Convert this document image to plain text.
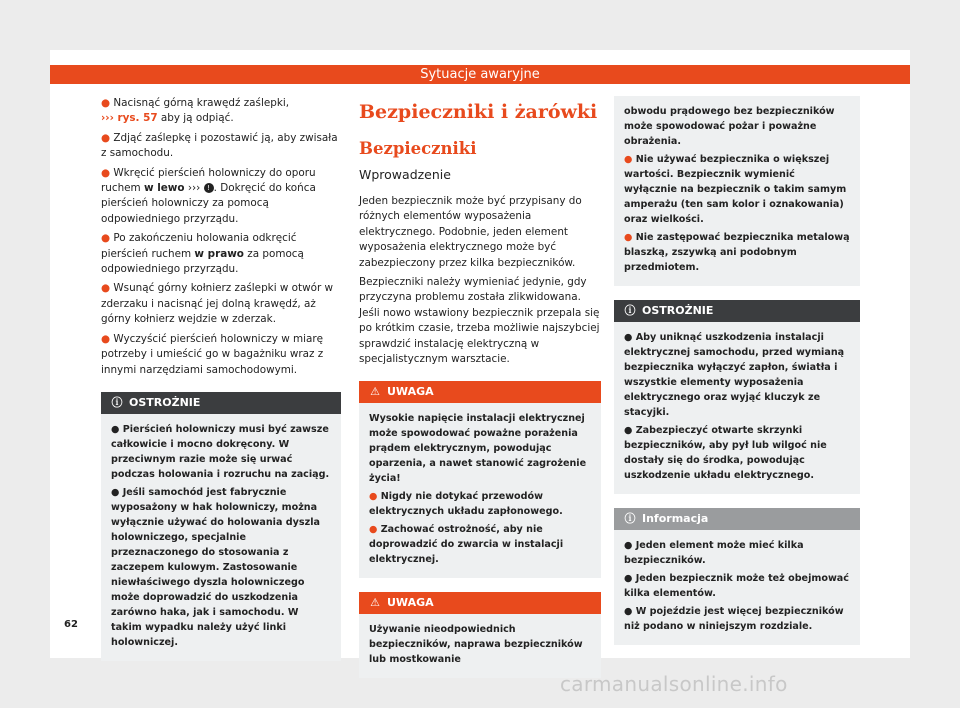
Sytuacje awaryjne

● Nacisnąć górną krawędź zaślepki,
››› rys. 57 aby ją odpiąć.

● Zdjąć zaślepkę i pozostawić ją, aby zwisała z samochodu.

● Wkręcić pierścień holowniczy do oporu ruchem w lewo ››› ! . Dokręcić do końca pierścień holowniczy za pomocą odpowiedniego przyrządu.

● Po zakończeniu holowania odkręcić pierścień ruchem w prawo za pomocą odpowiedniego przyrządu.

● Wsunąć górny kołnierz zaślepki w otwór w zderzaku i nacisnąć jej dolną krawędź, aż górny kołnierz wejdzie w zderzak.

● Wyczyścić pierścień holowniczy w miarę potrzeby i umieścić go w bagażniku wraz z innymi narzędziami samochodowymi.

ⓘ OSTROŻNIE

● Pierścień holowniczy musi być zawsze całkowicie i mocno dokręcony. W przeciwnym razie może się urwać podczas holowania i rozruchu na zaciąg.

● Jeśli samochód jest fabrycznie wyposażony w hak holowniczy, można wyłącznie używać do holowania dyszla holowniczego, specjalnie przeznaczonego do stosowania z zaczepem kulowym. Zastosowanie niewłaściwego dyszla holowniczego może doprowadzić do uszkodzenia zarówno haka, jak i samochodu. W takim wypadku należy użyć linki holowniczej.

Bezpieczniki i żarówki
Bezpieczniki
Wprowadzenie

Jeden bezpiecznik może być przypisany do różnych elementów wyposażenia elektrycznego. Podobnie, jeden element wyposażenia elektrycznego może być zabezpieczony przez kilka bezpieczników.

Bezpieczniki należy wymieniać jedynie, gdy przyczyna problemu została zlikwidowana. Jeśli nowo wstawiony bezpiecznik przepala się po krótkim czasie, trzeba możliwie najszybciej sprawdzić instalację elektryczną w specjalistycznym warsztacie.

⚠ UWAGA

Wysokie napięcie instalacji elektrycznej może spowodować poważne porażenia prądem elektrycznym, powodując oparzenia, a nawet stanowić zagrożenie życia!

● Nigdy nie dotykać przewodów elektrycznych układu zapłonowego.

● Zachować ostrożność, aby nie doprowadzić do zwarcia w instalacji elektrycznej.

⚠ UWAGA

Używanie nieodpowiednich bezpieczników, naprawa bezpieczników lub mostkowanie

obwodu prądowego bez bezpieczników może spowodować pożar i poważne obrażenia.

● Nie używać bezpiecznika o większej wartości. Bezpiecznik wymienić wyłącznie na bezpiecznik o takim samym amperażu (ten sam kolor i oznakowania) oraz wielkości.

● Nie zastępować bezpiecznika metalową blaszką, zszywką ani podobnym przedmiotem.

ⓘ OSTROŻNIE

● Aby uniknąć uszkodzenia instalacji elektrycznej samochodu, przed wymianą bezpiecznika wyłączyć zapłon, światła i wszystkie elementy wyposażenia elektrycznego oraz wyjąć kluczyk ze stacyjki.

● Zabezpieczyć otwarte skrzynki bezpieczników, aby pył lub wilgoć nie dostały się do środka, powodując uszkodzenie układu elektrycznego.

ⓘ Informacja

● Jeden element może mieć kilka bezpieczników.

● Jeden bezpiecznik może też obejmować kilka elementów.

● W pojeździe jest więcej bezpieczników niż podano w niniejszym rozdziale.

62
carmanualsonline.info
